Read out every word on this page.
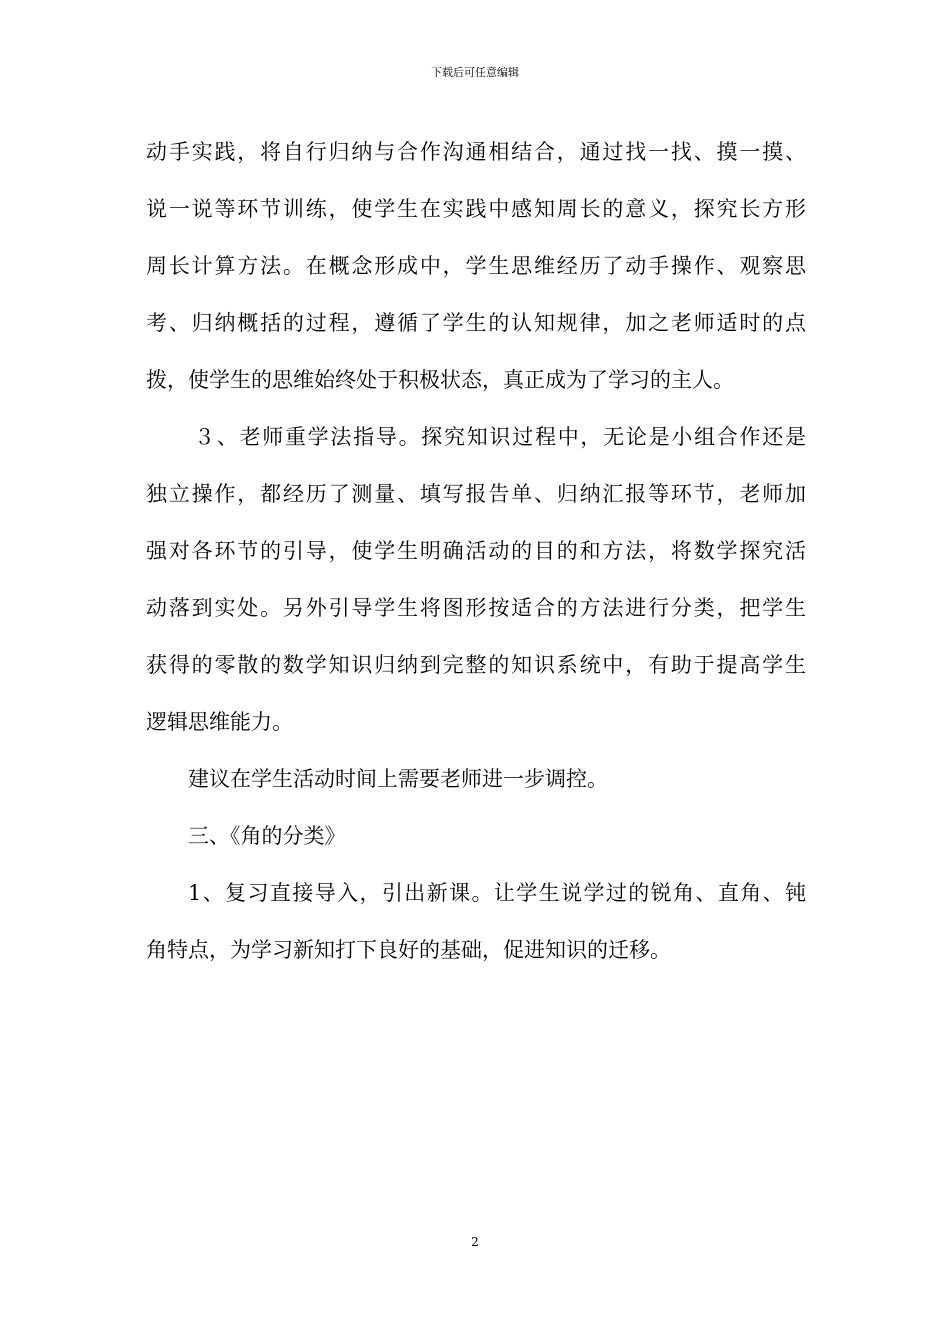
下载后可任意编辑

动手实践，将自行归纳与合作沟通相结合，通过找一找、摸一摸、
说一说等环节训练，使学生在实践中感知周长的意义，探究长方形
周长计算方法。在概念形成中，学生思维经历了动手操作、观察思
考、归纳概括的过程，遵循了学生的认知规律，加之老师适时的点
拨，使学生的思维始终处于积极状态，真正成为了学习的主人。

３、老师重学法指导。探究知识过程中，无论是小组合作还是
独立操作，都经历了测量、填写报告单、归纳汇报等环节，老师加
强对各环节的引导，使学生明确活动的目的和方法，将数学探究活
动落到实处。另外引导学生将图形按适合的方法进行分类，把学生
获得的零散的数学知识归纳到完整的知识系统中，有助于提高学生
逻辑思维能力。

建议在学生活动时间上需要老师进一步调控。

三、《角的分类》

1、复习直接导入，引出新课。让学生说学过的锐角、直角、钝
角特点，为学习新知打下良好的基础，促进知识的迁移。

2
